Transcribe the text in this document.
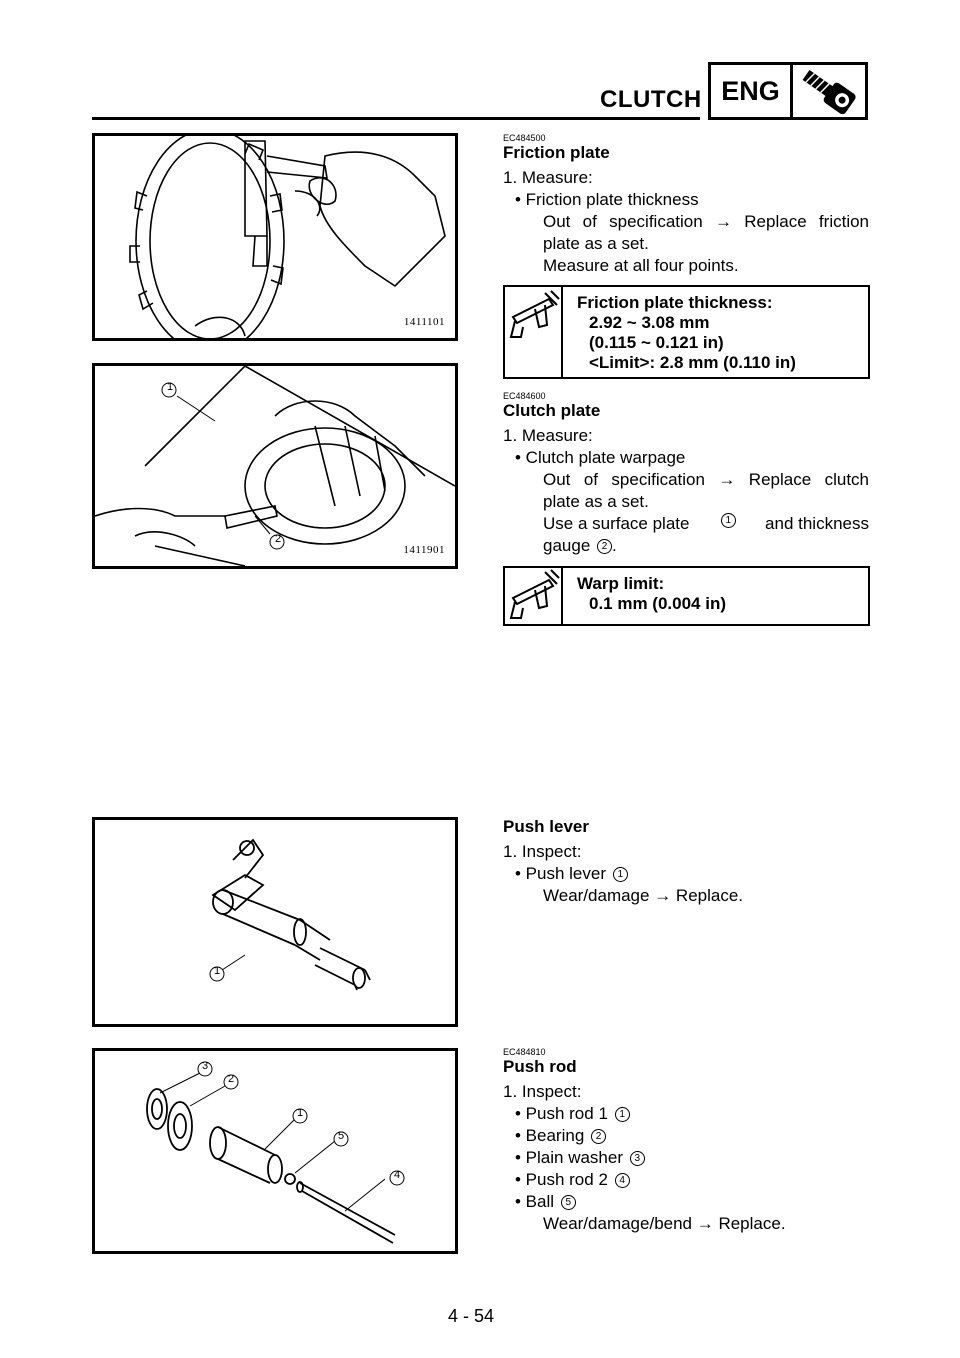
CLUTCH ENG
1411101
1
2
1411901
1
1
2
3
4
5
EC484500
Friction plate
1. Measure:
• Friction plate thickness
Out of specification → Replace friction
plate as a set.
Measure at all four points.
Friction plate thickness:
2.92 ~ 3.08 mm
(0.115 ~ 0.121 in)
<Limit>: 2.8 mm (0.110 in)
EC484600
Clutch plate
1. Measure:
• Clutch plate warpage
Out of specification → Replace clutch
plate as a set.
Use a surface plate	1 and thickness
gauge 2 .
Warp limit:
0.1 mm (0.004 in)
Push lever
1. Inspect:
• Push lever 1
Wear/damage → Replace.
EC484810
Push rod
1. Inspect:
• Push rod 1 1
• Bearing 2
• Plain washer 3
• Push rod 2 4
• Ball 5
Wear/damage/bend → Replace.
4 - 54
